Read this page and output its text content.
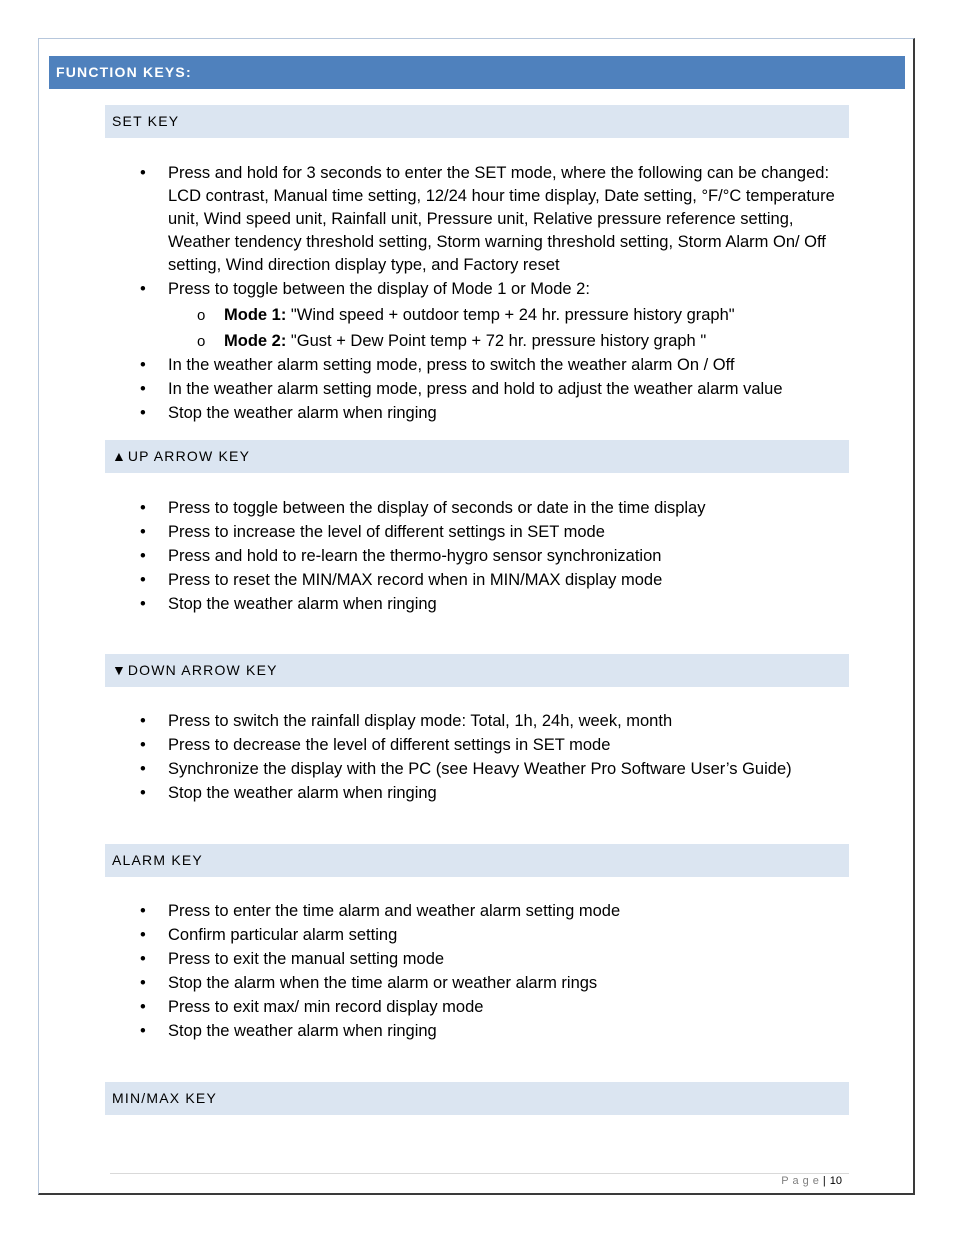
FUNCTION KEYS:
SET KEY
• Press and hold for 3 seconds to enter the SET mode, where the following can be changed: LCD contrast, Manual time setting, 12/24 hour time display, Date setting, °F/°C temperature unit, Wind speed unit, Rainfall unit, Pressure unit, Relative pressure reference setting, Weather tendency threshold setting, Storm warning threshold setting, Storm Alarm On/ Off setting, Wind direction display type, and Factory reset
• Press to toggle between the display of Mode 1 or Mode 2:
o Mode 1: "Wind speed + outdoor temp + 24 hr. pressure history graph"
o Mode 2: "Gust + Dew Point temp + 72 hr. pressure history graph "
• In the weather alarm setting mode, press to switch the weather alarm On / Off
• In the weather alarm setting mode, press and hold to adjust the weather alarm value
• Stop the weather alarm when ringing
▲ UP ARROW KEY
• Press to toggle between the display of seconds or date in the time display
• Press to increase the level of different settings in SET mode
• Press and hold to re-learn the thermo-hygro sensor synchronization
• Press to reset the MIN/MAX record when in MIN/MAX display mode
• Stop the weather alarm when ringing
▼ DOWN ARROW KEY
• Press to switch the rainfall display mode: Total, 1h, 24h, week, month
• Press to decrease the level of different settings in SET mode
• Synchronize the display with the PC (see Heavy Weather Pro Software User’s Guide)
• Stop the weather alarm when ringing
ALARM KEY
• Press to enter the time alarm and weather alarm setting mode
• Confirm particular alarm setting
• Press to exit the manual setting mode
• Stop the alarm when the time alarm or weather alarm rings
• Press to exit max/ min record display mode
• Stop the weather alarm when ringing
MIN/MAX KEY
Page| 10
